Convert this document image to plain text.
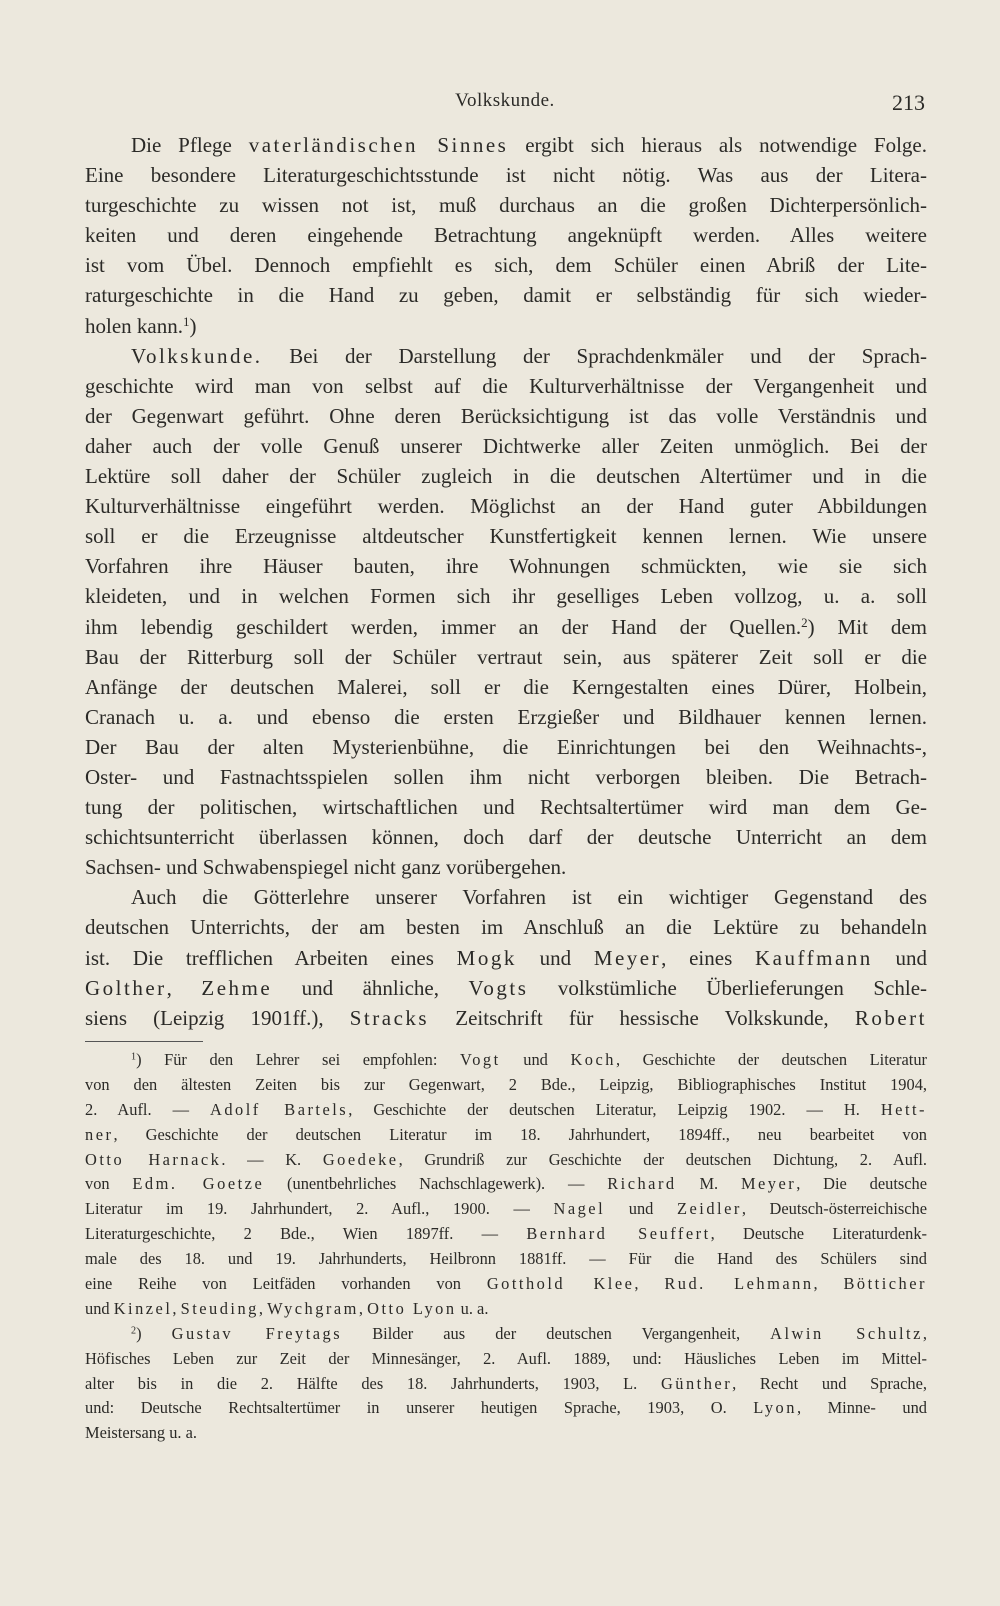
Volkskunde.	213
Die Pflege vaterländischen Sinnes ergibt sich hieraus als notwendige Folge.
Eine besondere Literaturgeschichtsstunde ist nicht nötig. Was aus der Litera-
turgeschichte zu wissen not ist, muß durchaus an die großen Dichterpersönlich-
keiten und deren eingehende Betrachtung angeknüpft werden. Alles weitere
ist vom Übel. Dennoch empfiehlt es sich, dem Schüler einen Abriß der Lite-
raturgeschichte in die Hand zu geben, damit er selbständig für sich wieder-
holen kann.$^1$)
Volkskunde. Bei der Darstellung der Sprachdenkmäler und der Sprach-
geschichte wird man von selbst auf die Kulturverhältnisse der Vergangenheit und
der Gegenwart geführt. Ohne deren Berücksichtigung ist das volle Verständnis und
daher auch der volle Genuß unserer Dichtwerke aller Zeiten unmöglich. Bei der
Lektüre soll daher der Schüler zugleich in die deutschen Altertümer und in die
Kulturverhältnisse eingeführt werden. Möglichst an der Hand guter Abbildungen
soll er die Erzeugnisse altdeutscher Kunstfertigkeit kennen lernen. Wie unsere
Vorfahren ihre Häuser bauten, ihre Wohnungen schmückten, wie sie sich
kleideten, und in welchen Formen sich ihr geselliges Leben vollzog, u. a. soll
ihm lebendig geschildert werden, immer an der Hand der Quellen.$^2$) Mit dem
Bau der Ritterburg soll der Schüler vertraut sein, aus späterer Zeit soll er die
Anfänge der deutschen Malerei, soll er die Kerngestalten eines Dürer, Holbein,
Cranach u. a. und ebenso die ersten Erzgießer und Bildhauer kennen lernen.
Der Bau der alten Mysterienbühne, die Einrichtungen bei den Weihnachts-,
Oster- und Fastnachtsspielen sollen ihm nicht verborgen bleiben. Die Betrach-
tung der politischen, wirtschaftlichen und Rechtsaltertümer wird man dem Ge-
schichtsunterricht überlassen können, doch darf der deutsche Unterricht an dem
Sachsen- und Schwabenspiegel nicht ganz vorübergehen.
Auch die Götterlehre unserer Vorfahren ist ein wichtiger Gegenstand des
deutschen Unterrichts, der am besten im Anschluß an die Lektüre zu behandeln
ist. Die trefflichen Arbeiten eines Mogk und Meyer, eines Kauffmann und
Golther, Zehme und ähnliche, Vogts volkstümliche Überlieferungen Schle-
siens (Leipzig 1901ff.), Stracks Zeitschrift für hessische Volkskunde, Robert
$^1$) Für den Lehrer sei empfohlen: Vogt und Koch, Geschichte der deutschen Literatur
von den ältesten Zeiten bis zur Gegenwart, 2 Bde., Leipzig, Bibliographisches Institut 1904,
2. Aufl. — Adolf Bartels, Geschichte der deutschen Literatur, Leipzig 1902. — H. Hett-
ner, Geschichte der deutschen Literatur im 18. Jahrhundert, 1894ff., neu bearbeitet von
Otto Harnack. — K. Goedeke, Grundriß zur Geschichte der deutschen Dichtung, 2. Aufl.
von Edm. Goetze (unentbehrliches Nachschlagewerk). — Richard M. Meyer, Die deutsche
Literatur im 19. Jahrhundert, 2. Aufl., 1900. — Nagel und Zeidler, Deutsch-österreichische
Literaturgeschichte, 2 Bde., Wien 1897ff. — Bernhard Seuffert, Deutsche Literaturdenk-
male des 18. und 19. Jahrhunderts, Heilbronn 1881ff. — Für die Hand des Schülers sind
eine Reihe von Leitfäden vorhanden von Gotthold Klee, Rud. Lehmann, Bötticher
und Kinzel, Steuding, Wychgram, Otto Lyon u. a.
$^2$) Gustav Freytags Bilder aus der deutschen Vergangenheit, Alwin Schultz,
Höfisches Leben zur Zeit der Minnesänger, 2. Aufl. 1889, und: Häusliches Leben im Mittel-
alter bis in die 2. Hälfte des 18. Jahrhunderts, 1903, L. Günther, Recht und Sprache,
und: Deutsche Rechtsaltertümer in unserer heutigen Sprache, 1903, O. Lyon, Minne- und
Meistersang u. a.
